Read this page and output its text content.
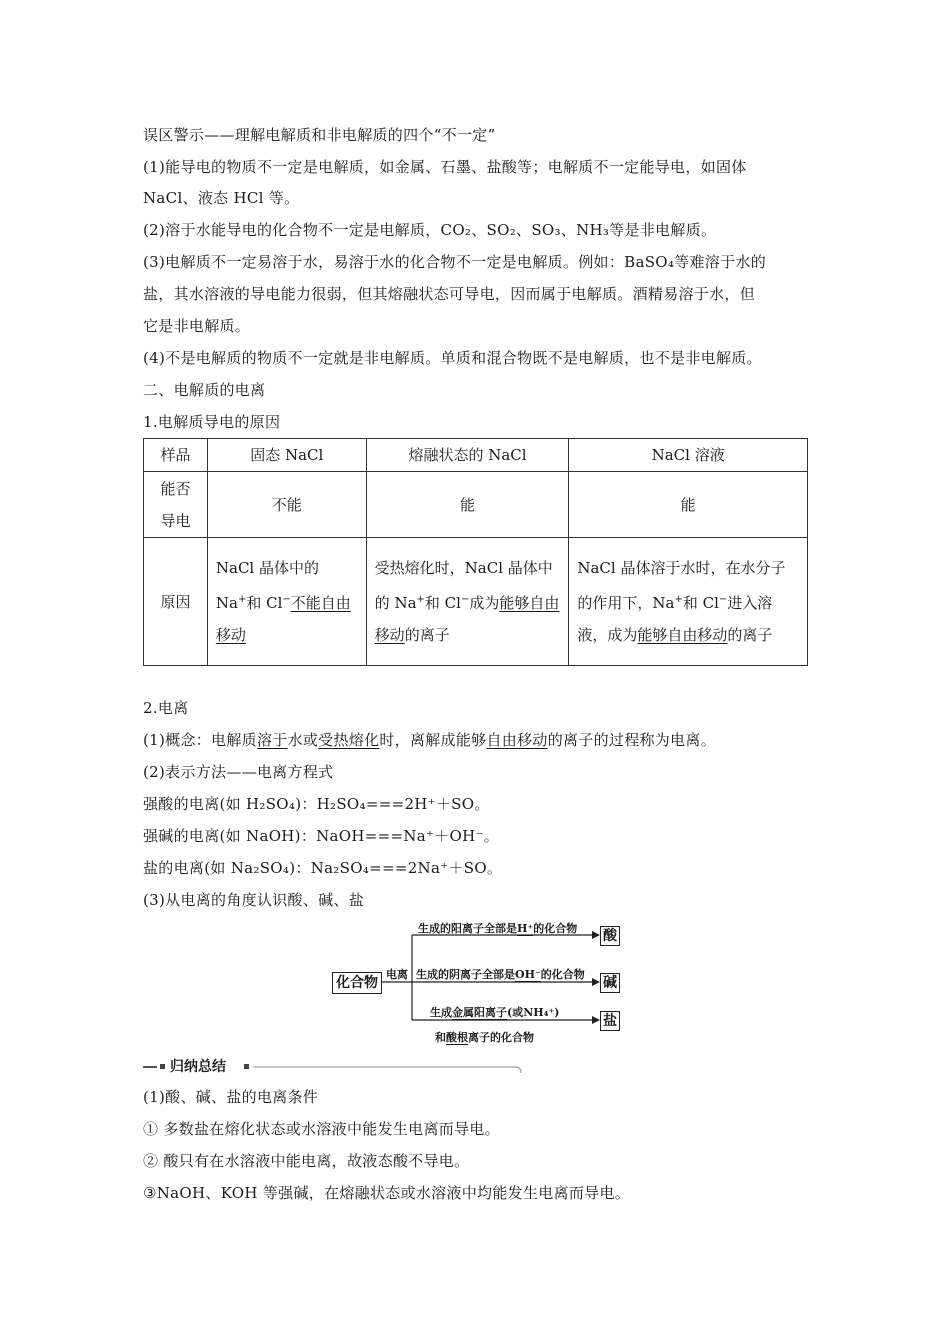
误区警示——理解电解质和非电解质的四个“不一定”
(1)能导电的物质不一定是电解质，如金属、石墨、盐酸等；电解质不一定能导电，如固体
NaCl、液态 HCl 等。
(2)溶于水能导电的化合物不一定是电解质，CO₂、SO₂、SO₃、NH₃等是非电解质。
(3)电解质不一定易溶于水，易溶于水的化合物不一定是电解质。例如：BaSO₄等难溶于水的
盐，其水溶液的导电能力很弱，但其熔融状态可导电，因而属于电解质。酒精易溶于水，但
它是非电解质。
(4)不是电解质的物质不一定就是非电解质。单质和混合物既不是电解质，也不是非电解质。
二、电解质的电离
1.电解质导电的原因
样品	固态 NaCl	熔融状态的 NaCl	NaCl 溶液

能否
导电	不能	能	能
原因	NaCl 晶体中的 Na+和 Cl−不能自由移动	受热熔化时，NaCl 晶体中的 Na+和 Cl−成为能够自由移动的离子	NaCl 晶体溶于水时，在水分子的作用下，Na+和 Cl−进入溶液，成为能够自由移动的离子
2.电离
(1)概念：电解质溶于水或受热熔化时，离解成能够自由移动的离子的过程称为电离。
(2)表示方法——电离方程式
强酸的电离(如 H₂SO₄)：H₂SO₄===2H⁺＋SO。
强碱的电离(如 NaOH)：NaOH===Na⁺＋OH⁻。
盐的电离(如 Na₂SO₄)：Na₂SO₄===2Na⁺＋SO。
(3)从电离的角度认识酸、碱、盐
化合物
电离
生成的阳离子全部是H⁺的化合物 酸
生成的阴离子全部是OH⁻的化合物
碱
生成金属阳离子(或NH₄⁺)
和酸根离子的化合物
盐
归纳总结
(1)酸、碱、盐的电离条件
① 多数盐在熔化状态或水溶液中能发生电离而导电。
② 酸只有在水溶液中能电离，故液态酸不导电。
③NaOH、KOH 等强碱，在熔融状态或水溶液中均能发生电离而导电。
